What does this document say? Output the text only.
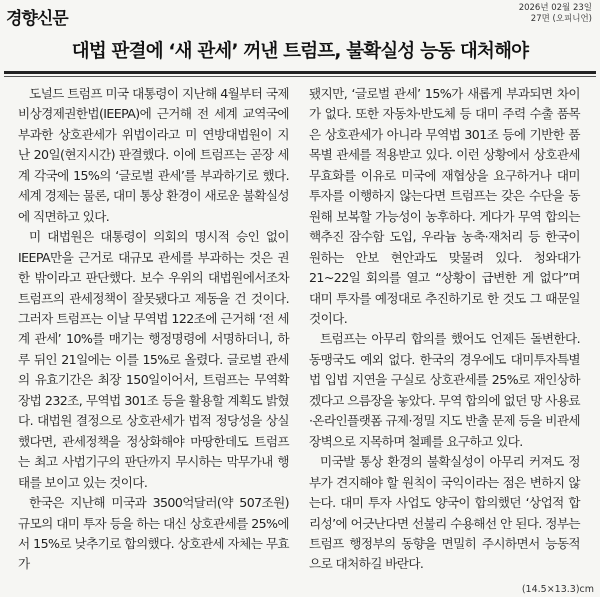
경향신문
2026년 02월 23일
27면 (오피니언)
대법 판결에 ‘새 관세’ 꺼낸 트럼프, 불확실성 능동 대처해야

도널드 트럼프 미국 대통령이 지난해 4월부터 국제비상경제권한법(IEEPA)에 근거해 전 세계 교역국에 부과한 상호관세가 위법이라고 미 연방대법원이 지난 20일(현지시간) 판결했다. 이에 트럼프는 곧장 세계 각국에 15%의 ‘글로벌 관세’를 부과하기로 했다. 세계 경제는 물론, 대미 통상 환경이 새로운 불확실성에 직면하고 있다.

미 대법원은 대통령이 의회의 명시적 승인 없이 IEEPA만을 근거로 대규모 관세를 부과하는 것은 권한 밖이라고 판단했다. 보수 우위의 대법원에서조차 트럼프의 관세정책이 잘못됐다고 제동을 건 것이다. 그러자 트럼프는 이날 무역법 122조에 근거해 ‘전 세계 관세’ 10%를 매기는 행정명령에 서명하더니, 하루 뒤인 21일에는 이를 15%로 올렸다. 글로벌 관세의 유효기간은 최장 150일이어서, 트럼프는 무역확장법 232조, 무역법 301조 등을 활용할 계획도 밝혔다. 대법원 결정으로 상호관세가 법적 정당성을 상실했다면, 관세정책을 정상화해야 마땅한데도 트럼프는 최고 사법기구의 판단까지 무시하는 막무가내 행태를 보이고 있는 것이다.

한국은 지난해 미국과 3500억달러(약 507조원) 규모의 대미 투자 등을 하는 대신 상호관세를 25%에서 15%로 낮추기로 합의했다. 상호관세 자체는 무효가

됐지만, ‘글로벌 관세’ 15%가 새롭게 부과되면 차이가 없다. 또한 자동차·반도체 등 대미 주력 수출 품목은 상호관세가 아니라 무역법 301조 등에 기반한 품목별 관세를 적용받고 있다. 이런 상황에서 상호관세 무효화를 이유로 미국에 재협상을 요구하거나 대미 투자를 이행하지 않는다면 트럼프는 갖은 수단을 동원해 보복할 가능성이 농후하다. 게다가 무역 합의는 핵추진 잠수함 도입, 우라늄 농축·재처리 등 한국이 원하는 안보 현안과도 맞물려 있다. 청와대가 21~22일 회의를 열고 “상황이 급변한 게 없다”며 대미 투자를 예정대로 추진하기로 한 것도 그 때문일 것이다.

트럼프는 아무리 합의를 했어도 언제든 돌변한다. 동맹국도 예외 없다. 한국의 경우에도 대미투자특별법 입법 지연을 구실로 상호관세를 25%로 재인상하겠다고 으름장을 놓았다. 무역 합의에 없던 망 사용료·온라인플랫폼 규제·정밀 지도 반출 문제 등을 비관세 장벽으로 지목하며 철폐를 요구하고 있다.

미국발 통상 환경의 불확실성이 아무리 커져도 정부가 견지해야 할 원칙이 국익이라는 점은 변하지 않는다. 대미 투자 사업도 양국이 합의했던 ‘상업적 합리성’에 어긋난다면 선불리 수용해선 안 된다. 정부는 트럼프 행정부의 동향을 면밀히 주시하면서 능동적으로 대처하길 바란다.

(14.5×13.3)cm
